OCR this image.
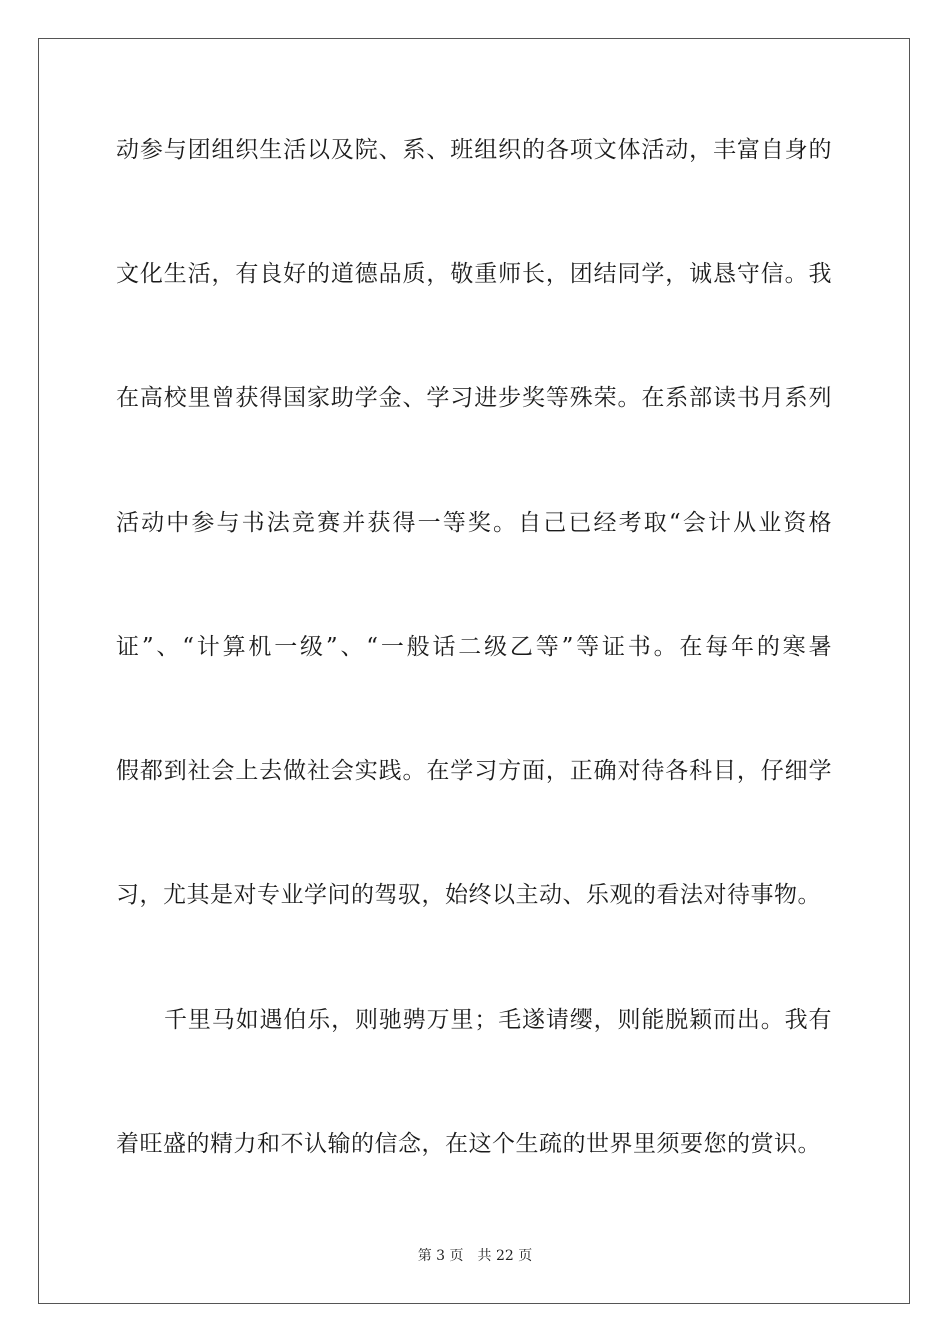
动参与团组织生活以及院、系、班组织的各项文体活动，丰富自身的
文化生活，有良好的道德品质，敬重师长，团结同学，诚恳守信。我
在高校里曾获得国家助学金、学习进步奖等殊荣。在系部读书月系列
活动中参与书法竞赛并获得一等奖。自己已经考取“会计从业资格
证”、“计算机一级”、“一般话二级乙等”等证书。在每年的寒暑
假都到社会上去做社会实践。在学习方面，正确对待各科目，仔细学
习，尤其是对专业学问的驾驭，始终以主动、乐观的看法对待事物。
千里马如遇伯乐，则驰骋万里；毛遂请缨，则能脱颖而出。我有
着旺盛的精力和不认输的信念，在这个生疏的世界里须要您的赏识。
第 3 页 共 22 页
